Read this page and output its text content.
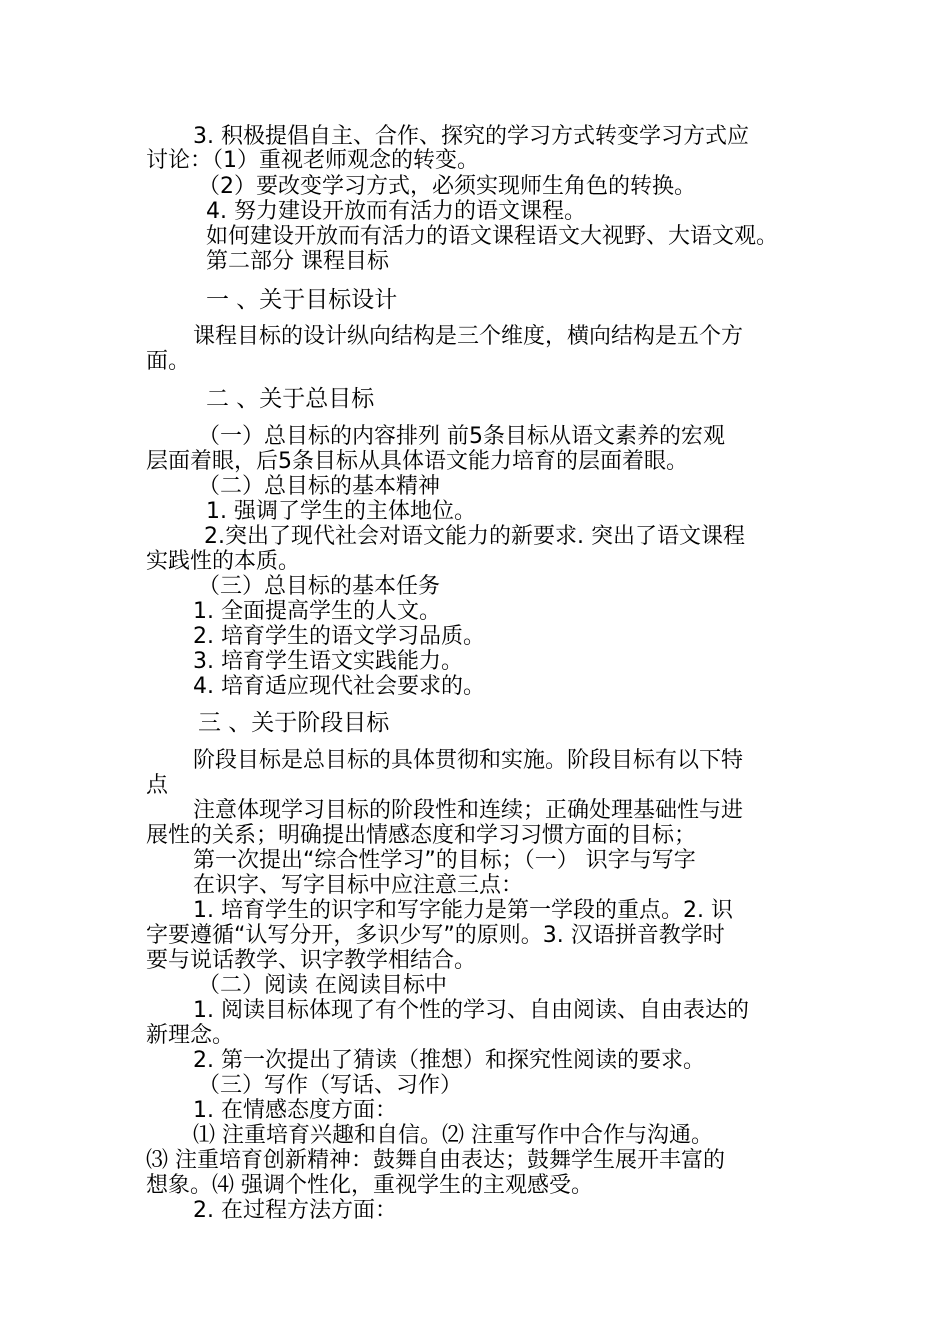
3. 积极提倡自主、合作、探究的学习方式转变学习方式应
讨论：（1）重视老师观念的转变。
（2）要改变学习方式，必须实现师生角色的转换。
4. 努力建设开放而有活力的语文课程。
如何建设开放而有活力的语文课程语文大视野、大语文观。
第二部分 课程目标
一 、关于目标设计
课程目标的设计纵向结构是三个维度，横向结构是五个方
面。
二 、关于总目标
（一）总目标的内容排列 前5条目标从语文素养的宏观
层面着眼，后5条目标从具体语文能力培育的层面着眼。
（二）总目标的基本精神
1. 强调了学生的主体地位。
2.突出了现代社会对语文能力的新要求. 突出了语文课程
实践性的本质。
（三）总目标的基本任务
1. 全面提高学生的人文。
2. 培育学生的语文学习品质。
3. 培育学生语文实践能力。
4. 培育适应现代社会要求的。
三 、关于阶段目标
阶段目标是总目标的具体贯彻和实施。阶段目标有以下特
点
注意体现学习目标的阶段性和连续；正确处理基础性与进
展性的关系；明确提出情感态度和学习习惯方面的目标；
第一次提出“综合性学习”的目标；（一） 识字与写字
在识字、写字目标中应注意三点：
1. 培育学生的识字和写字能力是第一学段的重点。2. 识
字要遵循“认写分开，多识少写”的原则。3. 汉语拼音教学时
要与说话教学、识字教学相结合。
（二）阅读 在阅读目标中
1. 阅读目标体现了有个性的学习、自由阅读、自由表达的
新理念。
2. 第一次提出了猜读（推想）和探究性阅读的要求。
（三）写作（写话、习作）
1. 在情感态度方面：
⑴ 注重培育兴趣和自信。⑵ 注重写作中合作与沟通。
⑶ 注重培育创新精神：鼓舞自由表达；鼓舞学生展开丰富的
想象。⑷ 强调个性化，重视学生的主观感受。
2. 在过程方法方面：
